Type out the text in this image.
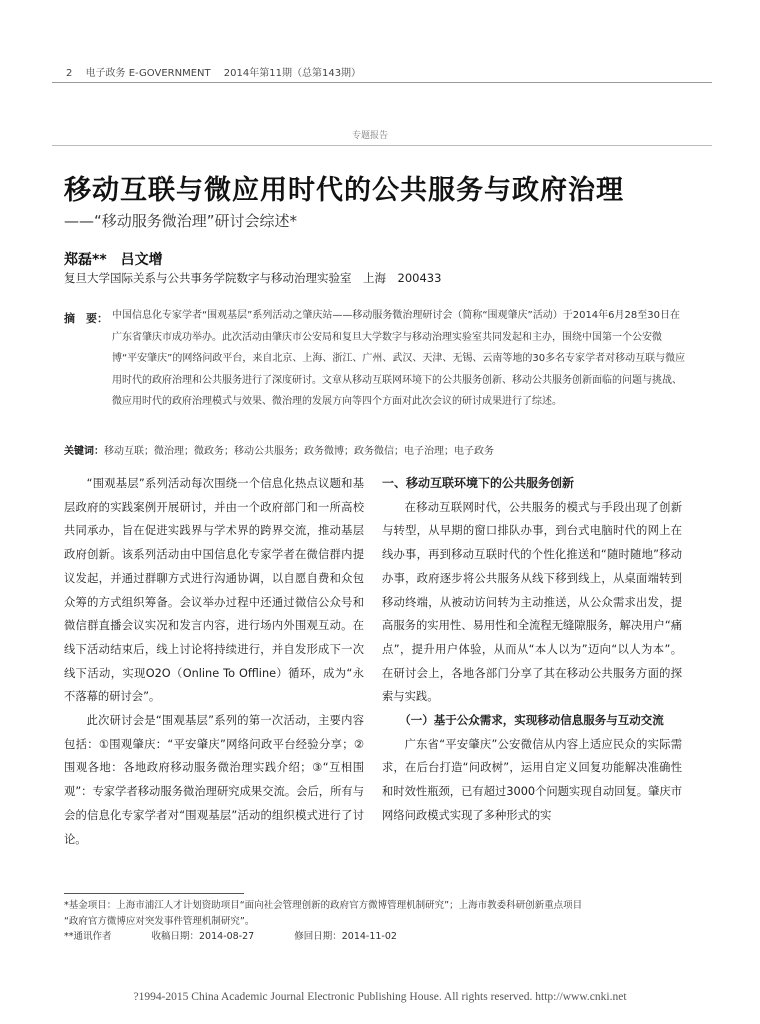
2 电子政务 E-GOVERNMENT 2014年第11期（总第143期）
专题报告
移动互联与微应用时代的公共服务与政府治理
——“移动服务微治理”研讨会综述*
郑磊**　吕文增
复旦大学国际关系与公共事务学院数字与移动治理实验室　上海　200433
摘　要： 中国信息化专家学者“围观基层”系列活动之肇庆站——移动服务微治理研讨会（简称“围观肇庆”活动）于2014年6月28至30日在广东省肇庆市成功举办。此次活动由肇庆市公安局和复旦大学数字与移动治理实验室共同发起和主办，围绕中国第一个公安微博“平安肇庆”的网络问政平台，来自北京、上海、浙江、广州、武汉、天津、无锡、云南等地的30多名专家学者对移动互联与微应用时代的政府治理和公共服务进行了深度研讨。文章从移动互联网环境下的公共服务创新、移动公共服务创新面临的问题与挑战、微应用时代的政府治理模式与效果、微治理的发展方向等四个方面对此次会议的研讨成果进行了综述。

关键词：移动互联；微治理；微政务；移动公共服务；政务微博；政务微信；电子治理；电子政务

“围观基层”系列活动每次围绕一个信息化热点议题和基层政府的实践案例开展研讨，并由一个政府部门和一所高校共同承办，旨在促进实践界与学术界的跨界交流，推动基层政府创新。该系列活动由中国信息化专家学者在微信群内提议发起，并通过群聊方式进行沟通协调，以自愿自费和众包众筹的方式组织筹备。会议举办过程中还通过微信公众号和微信群直播会议实况和发言内容，进行场内外围观互动。在线下活动结束后，线上讨论将持续进行，并自发形成下一次线下活动，实现O2O（Online To Offline）循环，成为“永不落幕的研讨会”。

此次研讨会是“围观基层”系列的第一次活动，主要内容包括：①围观肇庆：“平安肇庆”网络问政平台经验分享；②围观各地：各地政府移动服务微治理实践介绍；③“互相围观”：专家学者移动服务微治理研究成果交流。会后，所有与会的信息化专家学者对“围观基层”活动的组织模式进行了讨论。

一、移动互联环境下的公共服务创新

在移动互联网时代，公共服务的模式与手段出现了创新与转型，从早期的窗口排队办事，到台式电脑时代的网上在线办事，再到移动互联时代的个性化推送和“随时随地”移动办事，政府逐步将公共服务从线下移到线上，从桌面端转到移动终端，从被动访问转为主动推送，从公众需求出发，提高服务的实用性、易用性和全流程无缝隙服务，解决用户“痛点”，提升用户体验，从而从“本人以为”迈向“以人为本”。在研讨会上，各地各部门分享了其在移动公共服务方面的探索与实践。

（一）基于公众需求，实现移动信息服务与互动交流

广东省“平安肇庆”公安微信从内容上适应民众的实际需求，在后台打造“问政树”，运用自定义回复功能解决准确性和时效性瓶颈，已有超过3000个问题实现自动回复。肇庆市网络问政模式实现了多种形式的实

*基金项目：上海市浦江人才计划资助项目“面向社会管理创新的政府官方微博管理机制研究”；上海市教委科研创新重点项目
“政府官方微博应对突发事件管理机制研究”。
**通讯作者	收稿日期：2014-08-27	修回日期：2014-11-02
?1994-2015 China Academic Journal Electronic Publishing House. All rights reserved. http://www.cnki.net
